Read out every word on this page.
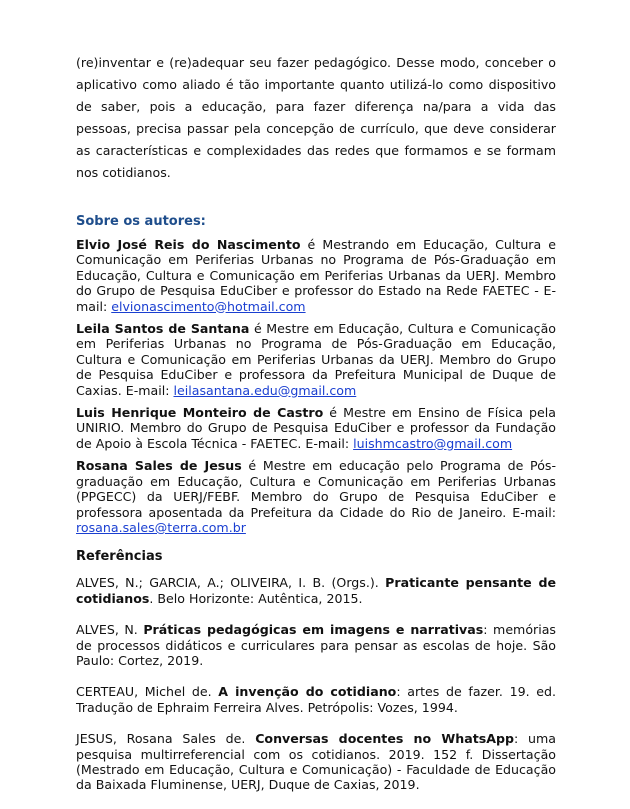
(re)inventar e (re)adequar seu fazer pedagógico. Desse modo, conceber o aplicativo como aliado é tão importante quanto utilizá-lo como dispositivo de saber, pois a educação, para fazer diferença na/para a vida das pessoas, precisa passar pela concepção de currículo, que deve considerar as características e complexidades das redes que formamos e se formam nos cotidianos.

Sobre os autores:

Elvio José Reis do Nascimento é Mestrando em Educação, Cultura e Comunicação em Periferias Urbanas no Programa de Pós-Graduação em Educação, Cultura e Comunicação em Periferias Urbanas da UERJ. Membro do Grupo de Pesquisa EduCiber e professor do Estado na Rede FAETEC - E-mail: elvionascimento@hotmail.com

Leila Santos de Santana é Mestre em Educação, Cultura e Comunicação em Periferias Urbanas no Programa de Pós-Graduação em Educação, Cultura e Comunicação em Periferias Urbanas da UERJ. Membro do Grupo de Pesquisa EduCiber e professora da Prefeitura Municipal de Duque de Caxias. E-mail: leilasantana.edu@gmail.com

Luis Henrique Monteiro de Castro é Mestre em Ensino de Física pela UNIRIO. Membro do Grupo de Pesquisa EduCiber e professor da Fundação de Apoio à Escola Técnica - FAETEC. E-mail: luishmcastro@gmail.com

Rosana Sales de Jesus é Mestre em educação pelo Programa de Pós-graduação em Educação, Cultura e Comunicação em Periferias Urbanas (PPGECC) da UERJ/FEBF. Membro do Grupo de Pesquisa EduCiber e professora aposentada da Prefeitura da Cidade do Rio de Janeiro. E-mail: rosana.sales@terra.com.br

Referências

ALVES, N.; GARCIA, A.; OLIVEIRA, I. B. (Orgs.). Praticante pensante de cotidianos. Belo Horizonte: Autêntica, 2015.

ALVES, N. Práticas pedagógicas em imagens e narrativas: memórias de processos didáticos e curriculares para pensar as escolas de hoje. São Paulo: Cortez, 2019.

CERTEAU, Michel de. A invenção do cotidiano: artes de fazer. 19. ed. Tradução de Ephraim Ferreira Alves. Petrópolis: Vozes, 1994.

JESUS, Rosana Sales de. Conversas docentes no WhatsApp: uma pesquisa multirreferencial com os cotidianos. 2019. 152 f. Dissertação (Mestrado em Educação, Cultura e Comunicação) - Faculdade de Educação da Baixada Fluminense, UERJ, Duque de Caxias, 2019.
